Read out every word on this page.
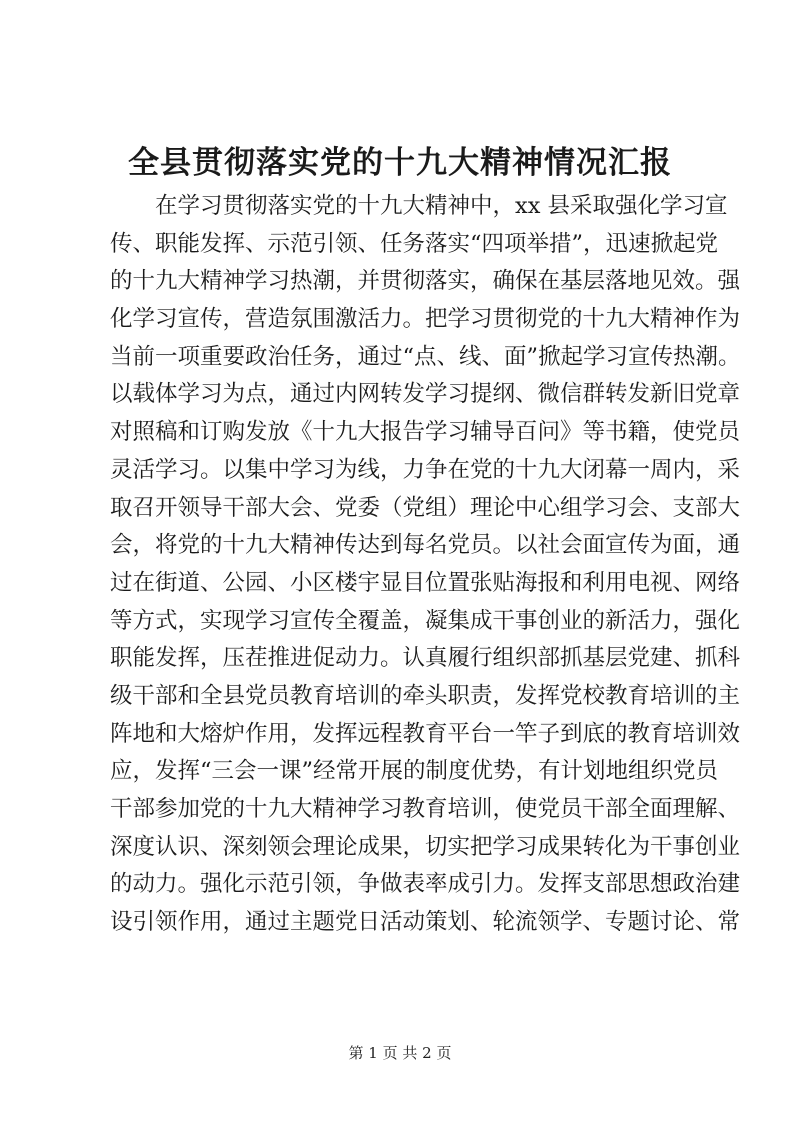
全县贯彻落实党的十九大精神情况汇报
在学习贯彻落实党的十九大精神中，xx 县采取强化学习宣
传、职能发挥、示范引领、任务落实“四项举措”，迅速掀起党
的十九大精神学习热潮，并贯彻落实，确保在基层落地见效。强
化学习宣传，营造氛围激活力。把学习贯彻党的十九大精神作为
当前一项重要政治任务，通过“点、线、面”掀起学习宣传热潮。
以载体学习为点，通过内网转发学习提纲、微信群转发新旧党章
对照稿和订购发放《十九大报告学习辅导百问》等书籍，使党员
灵活学习。以集中学习为线，力争在党的十九大闭幕一周内，采
取召开领导干部大会、党委（党组）理论中心组学习会、支部大
会，将党的十九大精神传达到每名党员。以社会面宣传为面，通
过在街道、公园、小区楼宇显目位置张贴海报和利用电视、网络
等方式，实现学习宣传全覆盖，凝集成干事创业的新活力，强化
职能发挥，压茬推进促动力。认真履行组织部抓基层党建、抓科
级干部和全县党员教育培训的牵头职责，发挥党校教育培训的主
阵地和大熔炉作用，发挥远程教育平台一竿子到底的教育培训效
应，发挥“三会一课”经常开展的制度优势，有计划地组织党员
干部参加党的十九大精神学习教育培训，使党员干部全面理解、
深度认识、深刻领会理论成果，切实把学习成果转化为干事创业
的动力。强化示范引领，争做表率成引力。发挥支部思想政治建
设引领作用，通过主题党日活动策划、轮流领学、专题讨论、常
第 1 页 共 2 页
